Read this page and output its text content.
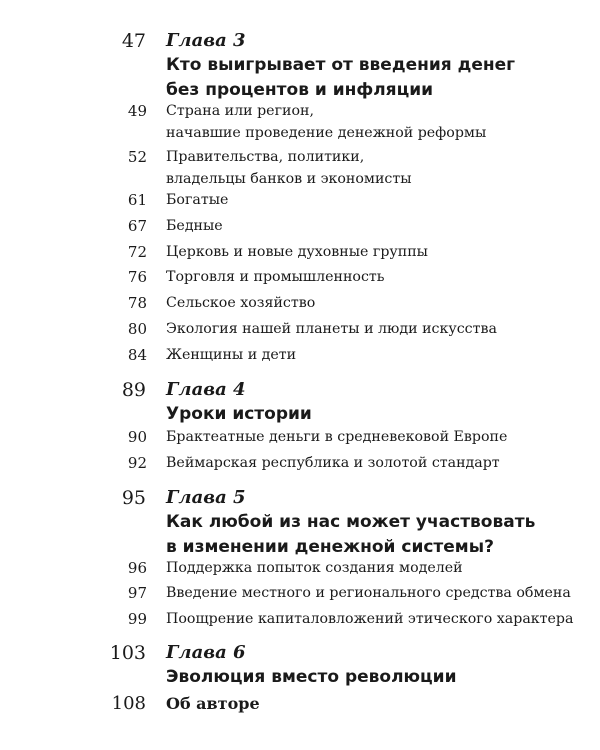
47 Глава 3
Кто выигрывает от введения денег
без процентов и инфляции
49 Страна или регион,
начавшие проведение денежной реформы
52 Правительства, политики,
владельцы банков и экономисты
61 Богатые
67 Бедные
72 Церковь и новые духовные группы
76 Торговля и промышленность
78 Сельское хозяйство
80 Экология нашей планеты и люди искусства
84 Женщины и дети
89 Глава 4
Уроки истории
90 Брактеатные деньги в средневековой Европе
92 Веймарская республика и золотой стандарт
95 Глава 5
Как любой из нас может участвовать
в изменении денежной системы?
96 Поддержка попыток создания моделей
97 Введение местного и регионального средства обмена
99 Поощрение капиталовложений этического характера
103 Глава 6
Эволюция вместо революции
108 Об авторе
